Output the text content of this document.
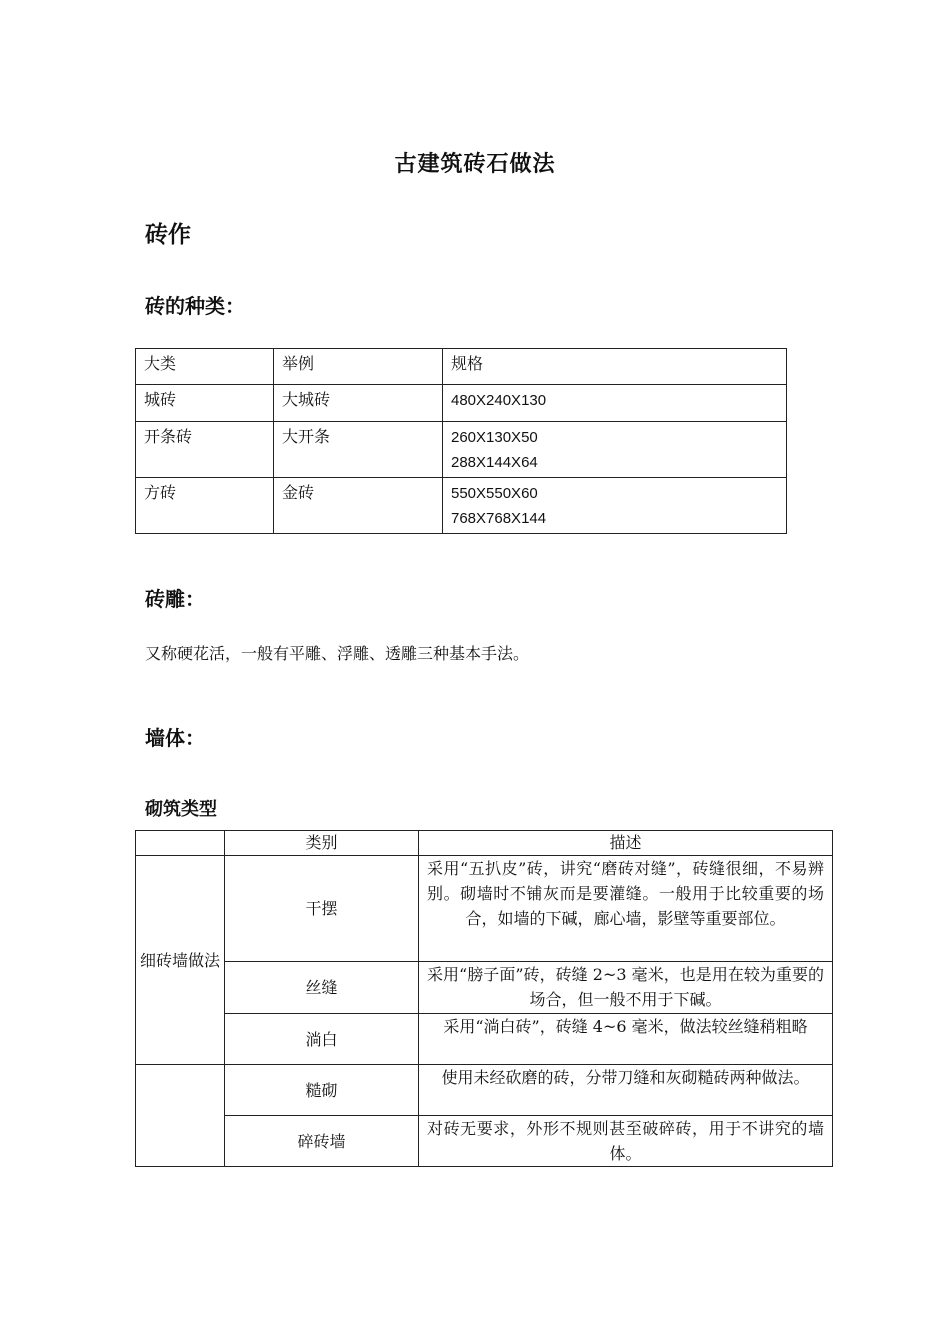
古建筑砖石做法
砖作
砖的种类：
大类	举例	规格
城砖	大城砖	480X240X130

开条砖	大开条	260X130X50
288X144X64

方砖	金砖	550X550X60
768X768X144
砖雕：
又称硬花活，一般有平雕、浮雕、透雕三种基本手法。
墙体：
砌筑类型
	类别	描述
细砖墙做法	干摆	采用“五扒皮”砖，讲究“磨砖对缝”，砖缝很细，不易辨别。砌墙时不铺灰而是要灌缝。一般用于比较重要的场合，如墙的下碱，廊心墙，影壁等重要部位。
	丝缝	采用“膀子面”砖，砖缝 2~3 毫米，也是用在较为重要的场合，但一般不用于下碱。
	淌白	采用“淌白砖”，砖缝 4~6 毫米，做法较丝缝稍粗略
	糙砌	使用未经砍磨的砖，分带刀缝和灰砌糙砖两种做法。
	碎砖墙	对砖无要求，外形不规则甚至破碎砖，用于不讲究的墙体。
